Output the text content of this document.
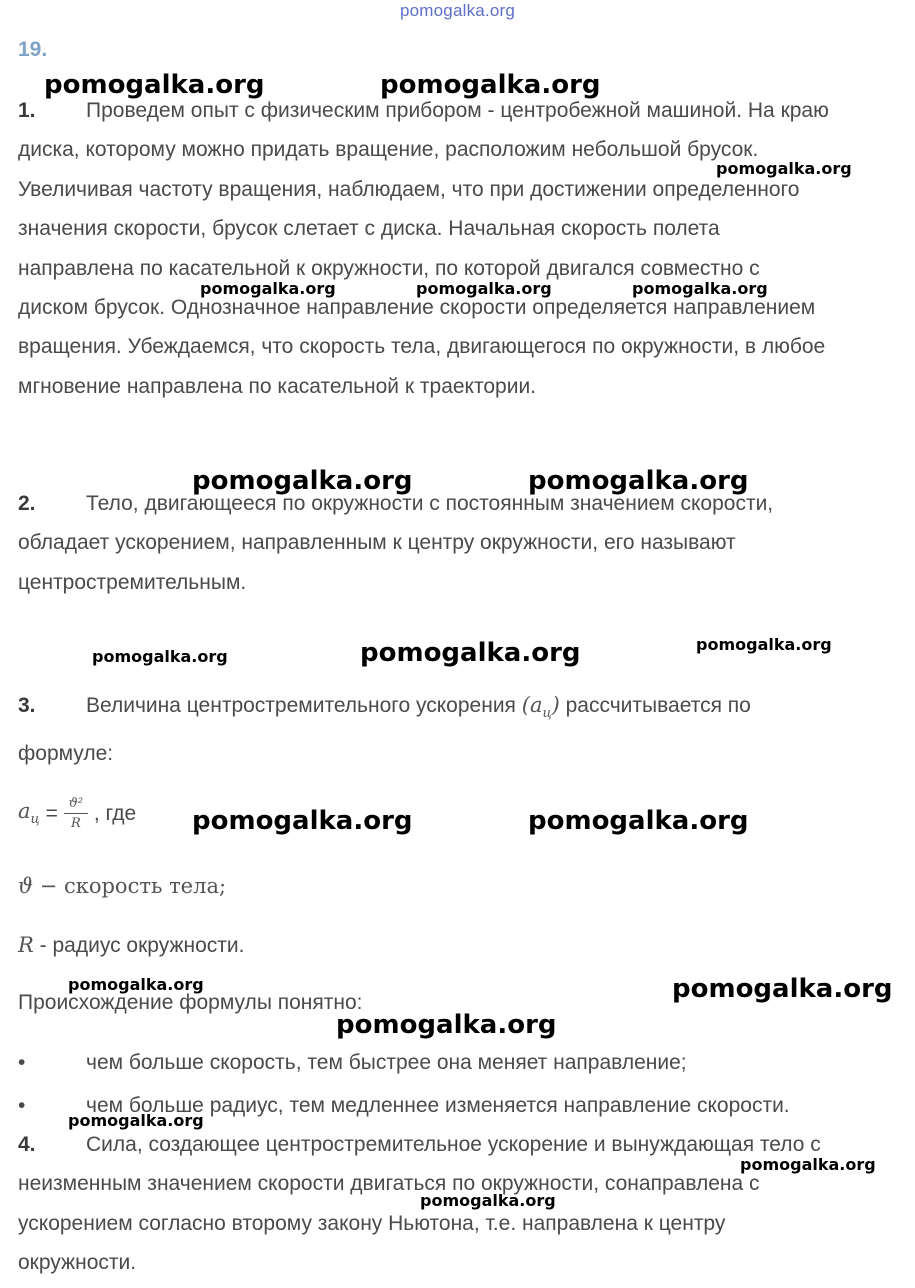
pomogalka.org
19.
1. Проведем опыт с физическим прибором - центробежной машиной. На краю
диска, которому можно придать вращение, расположим небольшой брусок.
Увеличивая частоту вращения, наблюдаем, что при достижении определенного
значения скорости, брусок слетает с диска. Начальная скорость полета
направлена по касательной к окружности, по которой двигался совместно с
диском брусок. Однозначное направление скорости определяется направлением
вращения. Убеждаемся, что скорость тела, двигающегося по окружности, в любое
мгновение направлена по касательной к траектории.
2. Тело, двигающееся по окружности с постоянным значением скорости,
обладает ускорением, направленным к центру окружности, его называют
центростремительным.
3. Величина центростремительного ускорения $(a_ц)$ рассчитывается по
формуле:
$a_ц = \frac{\text{ϑ²}}{R}$ , где
ϑ − скорость тела;
R - радиус окружности.
Происхождение формулы понятно:
•	чем больше скорость, тем быстрее она меняет направление;
•	чем больше радиус, тем медленнее изменяется направление скорости.
4. Сила, создающее центростремительное ускорение и вынуждающая тело с
неизменным значением скорости двигаться по окружности, сонаправлена с
ускорением согласно второму закону Ньютона, т.е. направлена к центру
окружности.
pomogalka.org	pomogalka.org
pomogalka.org
pomogalka.org	pomogalka.org	pomogalka.org
pomogalka.org	pomogalka.org
pomogalka.org	pomogalka.org	pomogalka.org
pomogalka.org	pomogalka.org
pomogalka.org	pomogalka.org
pomogalka.org
pomogalka.org
pomogalka.org
pomogalka.org
